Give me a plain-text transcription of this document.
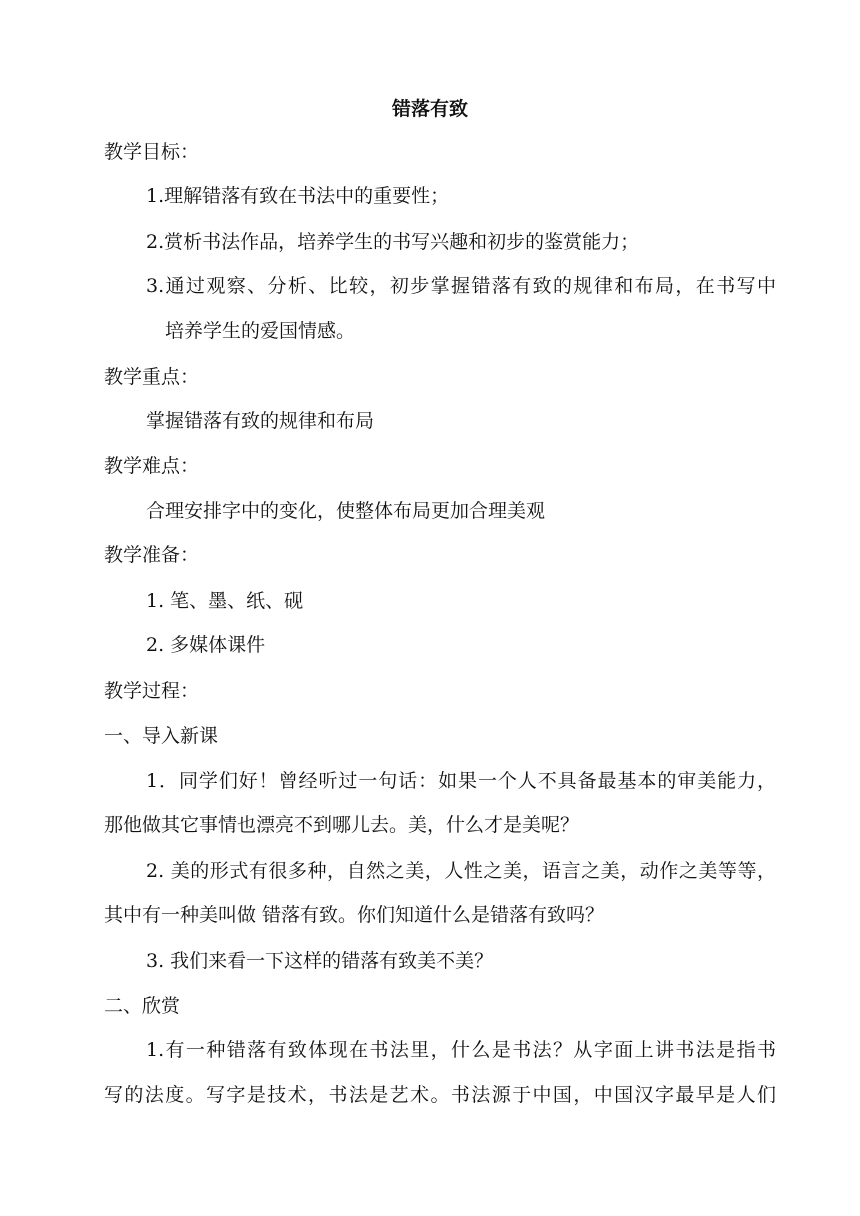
错落有致
教学目标：
1.理解错落有致在书法中的重要性；
2.赏析书法作品，培养学生的书写兴趣和初步的鉴赏能力；
3.通过观察、分析、比较，初步掌握错落有致的规律和布局，在书写中
培养学生的爱国情感。
教学重点：
掌握错落有致的规律和布局
教学难点：
合理安排字中的变化，使整体布局更加合理美观
教学准备：
1. 笔、墨、纸、砚
2. 多媒体课件
教学过程：
一、导入新课
1．同学们好！曾经听过一句话：如果一个人不具备最基本的审美能力，
那他做其它事情也漂亮不到哪儿去。美，什么才是美呢？
2. 美的形式有很多种，自然之美，人性之美，语言之美，动作之美等等，
其中有一种美叫做 错落有致。你们知道什么是错落有致吗？
3. 我们来看一下这样的错落有致美不美？
二、欣赏
1.有一种错落有致体现在书法里，什么是书法？从字面上讲书法是指书
写的法度。写字是技术，书法是艺术。书法源于中国，中国汉字最早是人们
